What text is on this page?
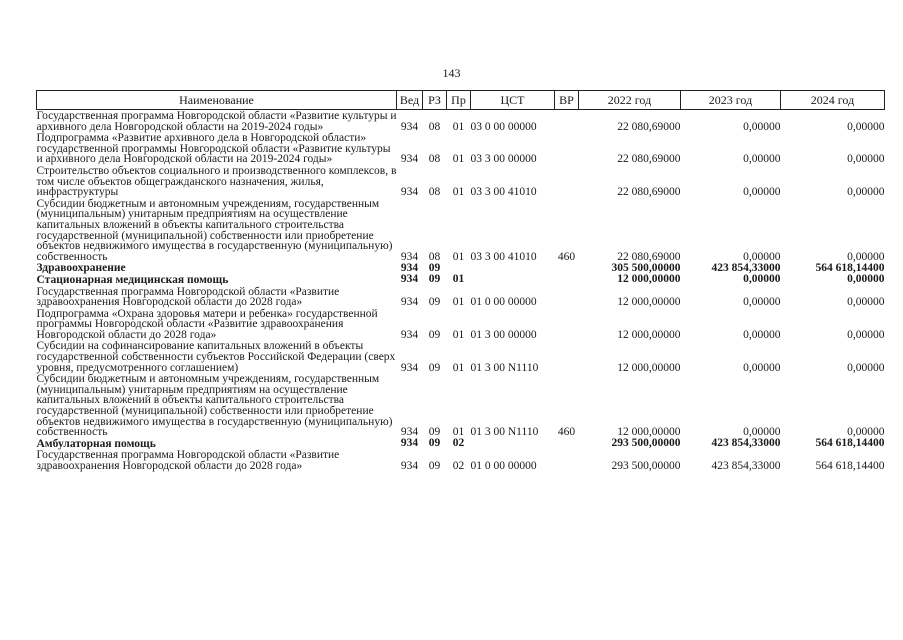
143
Наименование	Вед	РЗ	Пр	ЦСТ	ВР	2022 год	2023 год	2024 год
Государственная программа Новгородской области «Развитие культуры и архивного дела Новгородской области на 2019-2024 годы»	934	08	01	03 0 00 00000		22 080,69000	0,00000	0,00000
Подпрограмма «Развитие архивного дела в Новгородской области» государственной программы Новгородской области «Развитие культуры и архивного дела Новгородской области на 2019-2024 годы»	934	08	01	03 3 00 00000		22 080,69000	0,00000	0,00000
Строительство объектов социального и производственного комплексов, в том числе объектов общегражданского назначения, жилья, инфраструктуры	934	08	01	03 3 00 41010		22 080,69000	0,00000	0,00000
Субсидии бюджетным и автономным учреждениям, государственным (муниципальным) унитарным предприятиям на осуществление капитальных вложений в объекты капитального строительства государственной (муниципальной) собственности или приобретение объектов недвижимого имущества в государственную (муниципальную) собственность	934	08	01	03 3 00 41010	460	22 080,69000	0,00000	0,00000
Здравоохранение	934	09				305 500,00000	423 854,33000	564 618,14400
Стационарная медицинская помощь	934	09	01			12 000,00000	0,00000	0,00000
Государственная программа Новгородской области «Развитие здравоохранения Новгородской области до 2028 года»	934	09	01	01 0 00 00000		12 000,00000	0,00000	0,00000
Подпрограмма «Охрана здоровья матери и ребенка» государственной программы Новгородской области «Развитие здравоохранения Новгородской области до 2028 года»	934	09	01	01 3 00 00000		12 000,00000	0,00000	0,00000
Субсидии на софинансирование капитальных вложений в объекты государственной собственности субъектов Российской Федерации (сверх уровня, предусмотренного соглашением)	934	09	01	01 3 00 N1110		12 000,00000	0,00000	0,00000
Субсидии бюджетным и автономным учреждениям, государственным (муниципальным) унитарным предприятиям на осуществление капитальных вложений в объекты капитального строительства государственной (муниципальной) собственности или приобретение объектов недвижимого имущества в государственную (муниципальную) собственность	934	09	01	01 3 00 N1110	460	12 000,00000	0,00000	0,00000
Амбулаторная помощь	934	09	02			293 500,00000	423 854,33000	564 618,14400
Государственная программа Новгородской области «Развитие здравоохранения Новгородской области до 2028 года»	934	09	02	01 0 00 00000		293 500,00000	423 854,33000	564 618,14400
